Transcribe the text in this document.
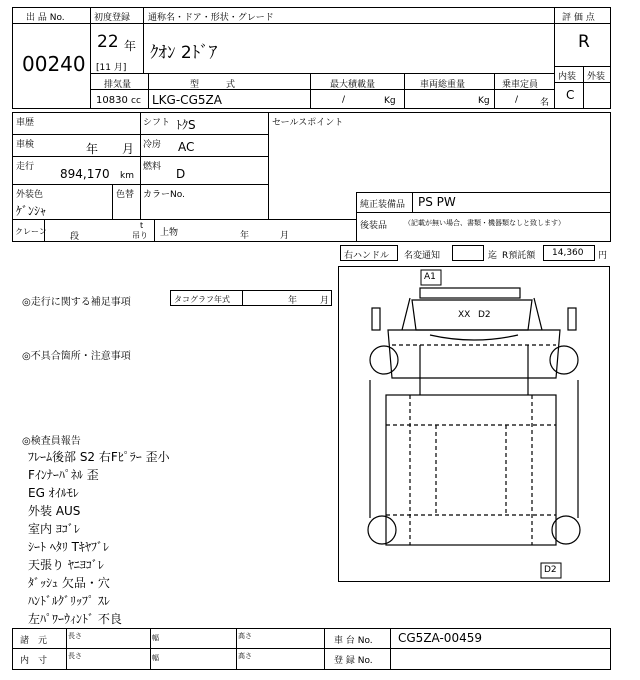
出 品 No.
00240
初度登録 通称名・ドア・形状・グレード	評 価 点
22 年
[11 月]
ｸｵﾝ 2ﾄﾞｱ
R
内装 外装
C
排気量	型　　　式	最大積載量	車両総重量	乗車定員
10830 cc LKG-CG5ZA	/	Kg	Kg	/ 名
車歴	シフト ﾄｸS	セールスポイント
車検	年 月 冷房 AC
走行 894,170 km
燃料 D
外装色	色替 カラーNo.
ｹﾞﾝｼｬ	純正装備品 PS PW
後装品 （記載が無い場合、書類・機器類なしと致します）
クレーン
段
t
吊り 上物	年	月
右ハンドル 名変通知	迄 R預託額 14,360 円
◎走行に関する補足事項	タコグラフ年式	年	月
◎不具合箇所・注意事項
◎検査員報告
ﾌﾚｰﾑ後部 S2 右Fﾋﾟﾗｰ 歪小
Fｲﾝﾅｰﾊﾟﾈﾙ 歪
EG ｵｲﾙﾓﾚ
外装 AUS
室内 ﾖｺﾞﾚ
ｼｰﾄ ﾍﾀﾘ Tｷﾔﾌﾞﾚ
天張り ﾔﾆﾖｺﾞﾚ
ﾀﾞｯｼｭ 欠品・穴
ﾊﾝﾄﾞﾙｸﾞﾘｯﾌﾟ ｽﾚ
左ﾊﾟﾜｰｳｨﾝﾄﾞ 不良
A1
XX D2
D2
諸　元	長さ	幅	高さ
内　寸	長さ	幅	高さ
車 台 No. CG5ZA-00459
登 録 No.
